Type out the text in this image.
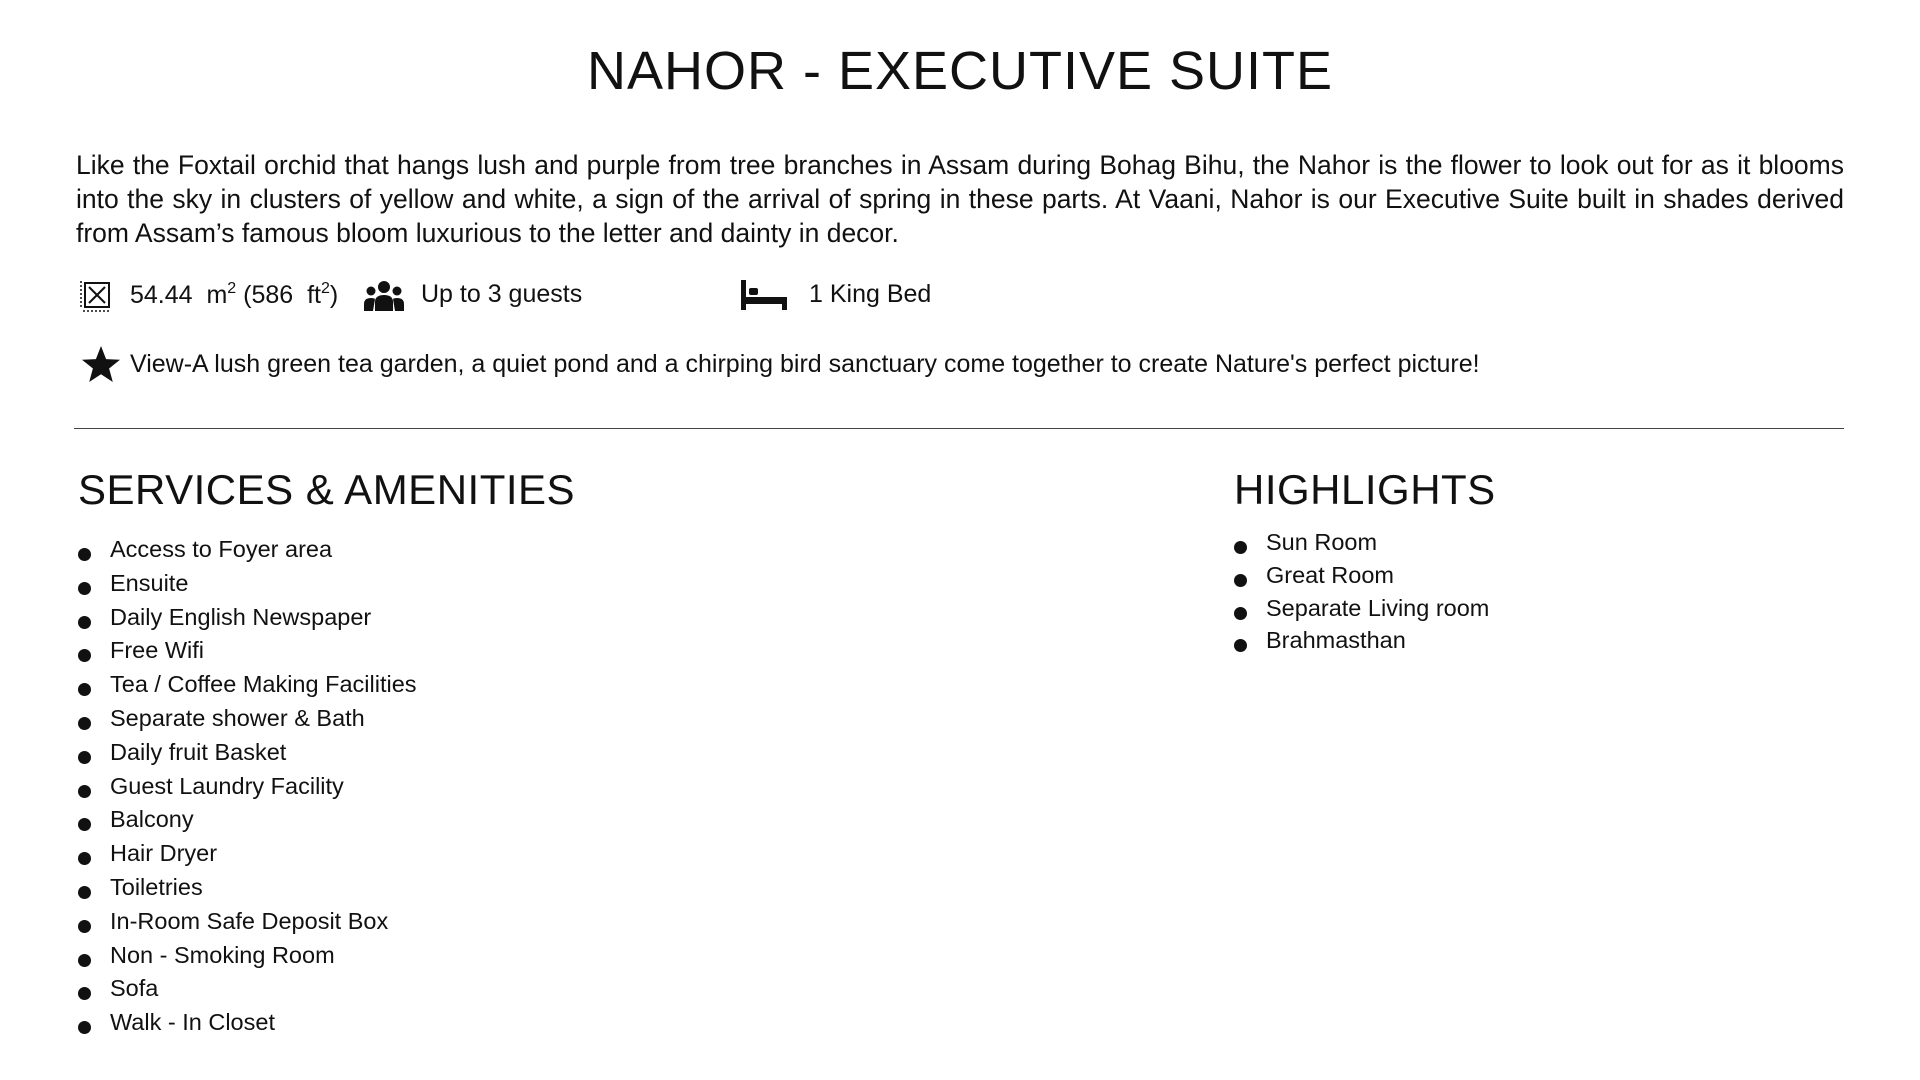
NAHOR - EXECUTIVE SUITE

Like the Foxtail orchid that hangs lush and purple from tree branches in Assam during Bohag Bihu, the Nahor is the flower to look out for as it blooms into the sky in clusters of yellow and white, a sign of the arrival of spring in these parts. At Vaani, Nahor is our Executive Suite built in shades derived from Assam’s famous bloom luxurious to the letter and dainty in decor.

54.44 $m^2$ (586 $ft^2$)	Up to 3 guests	1 King Bed
View-A lush green tea garden, a quiet pond and a chirping bird sanctuary come together to create Nature's perfect picture!
SERVICES & AMENITIES
Access to Foyer area
Ensuite
Daily English Newspaper
Free Wifi
Tea / Coffee Making Facilities
Separate shower & Bath
Daily fruit Basket
Guest Laundry Facility
Balcony
Hair Dryer
Toiletries
In-Room Safe Deposit Box
Non - Smoking Room
Sofa
Walk - In Closet
HIGHLIGHTS
Sun Room
Great Room
Separate Living room
Brahmasthan
